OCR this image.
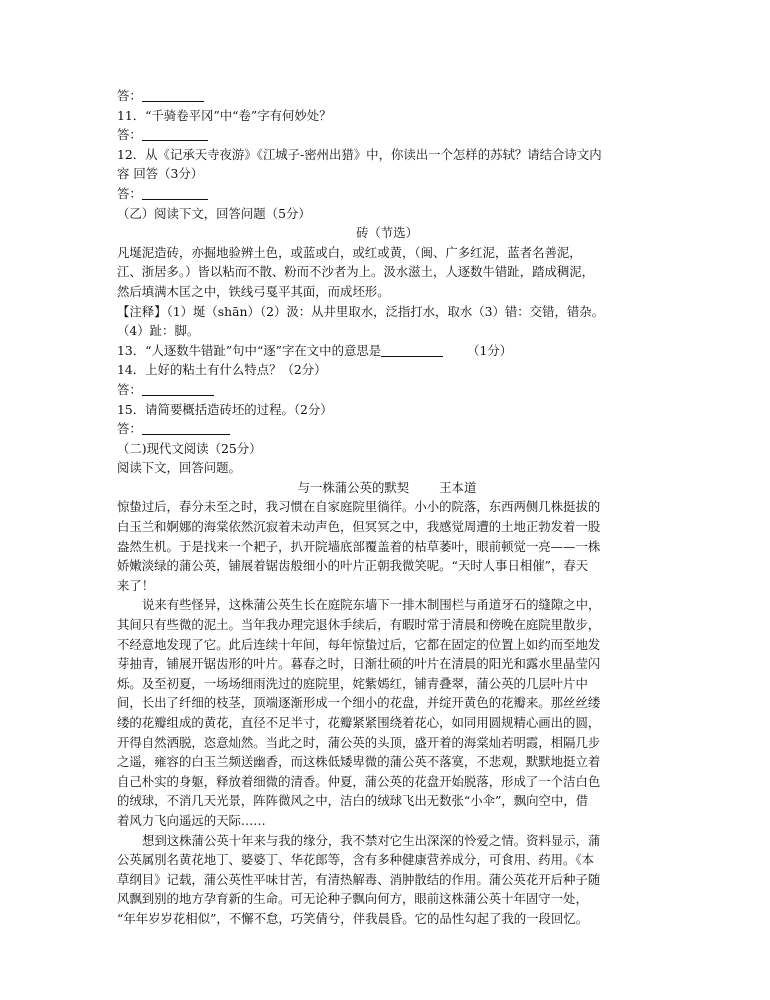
答：
11．“千骑卷平冈”中“卷”字有何妙处？
答：
12．从《记承天寺夜游》《江城子-密州出猎》中，你读出一个怎样的苏轼？请结合诗文内
容 回答（3分）
答：
（乙）阅读下文，回答问题（5分）
砖（节选）
凡埏泥造砖，亦掘地验辨土色，或蓝或白，或红或黄，（闽、广多红泥，蓝者名善泥，
江、浙居多。）皆以粘而不散、粉而不沙者为上。汲水滋土，人逐数牛错趾，踏成稠泥，
然后填满木匡之中，铁线弓戛平其面，而成坯形。
【注释】（1）埏（shān）（2）汲：从井里取水，泛指打水，取水（3）错：交错，错杂。
（4）趾：脚。
13．“人逐数牛错趾”句中“逐”字在文中的意思是	（1分）
14．上好的粘土有什么特点？（2分）
答：
15．请简要概括造砖坯的过程。（2分）
答：
（二)现代文阅读（25分）
阅读下文，回答问题。
与一株蒲公英的默契 王本道
惊蛰过后，春分未至之时，我习惯在自家庭院里徜徉。小小的院落，东西两侧几株挺拔的
白玉兰和婀娜的海棠依然沉寂着未动声色，但冥冥之中，我感觉周遭的土地正勃发着一股
盎然生机。于是找来一个耙子，扒开院墙底部覆盖着的枯草萎叶，眼前顿觉一亮——一株
娇嫩淡绿的蒲公英，铺展着锯齿般细小的叶片正朝我微笑呢。“天时人事日相催”，春天
来了！
说来有些怪异，这株蒲公英生长在庭院东墙下一排木制围栏与甬道牙石的缝隙之中，
其间只有些微的泥土。当年我办理完退休手续后，有暇时常于清晨和傍晚在庭院里散步，
不经意地发现了它。此后连续十年间，每年惊蛰过后，它都在固定的位置上如约而至地发
芽抽青，铺展开锯齿形的叶片。暮春之时，日渐壮硕的叶片在清晨的阳光和露水里晶莹闪
烁。及至初夏，一场场细雨洗过的庭院里，姹紫嫣红，铺青叠翠，蒲公英的几层叶片中
间，长出了纤细的枝茎，顶端逐渐形成一个细小的花盘，并绽开黄色的花瓣来。那丝丝缕
缕的花瓣组成的黄花，直径不足半寸，花瓣紧紧围绕着花心，如同用圆规精心画出的圆，
开得自然洒脱，恣意灿然。当此之时，蒲公英的头顶，盛开着的海棠灿若明霞，相隔几步
之遥，雍容的白玉兰频送幽香，而这株低矮卑微的蒲公英不落寞，不悲观，默默地挺立着
自己朴实的身躯，释放着细微的清香。仲夏，蒲公英的花盘开始脱落，形成了一个洁白色
的绒球，不消几天光景，阵阵微风之中，洁白的绒球飞出无数张“小伞”，飘向空中，借
着风力飞向遥远的天际……
想到这株蒲公英十年来与我的缘分，我不禁对它生出深深的怜爱之情。资料显示，蒲
公英属別名黄花地丁、婆婆丁、华花郎等，含有多种健康营养成分，可食用、药用。《本
草纲目》记载，蒲公英性平味甘苦，有清热解毒、消肿散结的作用。蒲公英花开后种子随
风飘到别的地方孕育新的生命。可无论种子飘向何方，眼前这株蒲公英十年固守一处，
“年年岁岁花相似”，不懈不怠，巧笑倩兮，伴我晨昏。它的品性勾起了我的一段回忆。
